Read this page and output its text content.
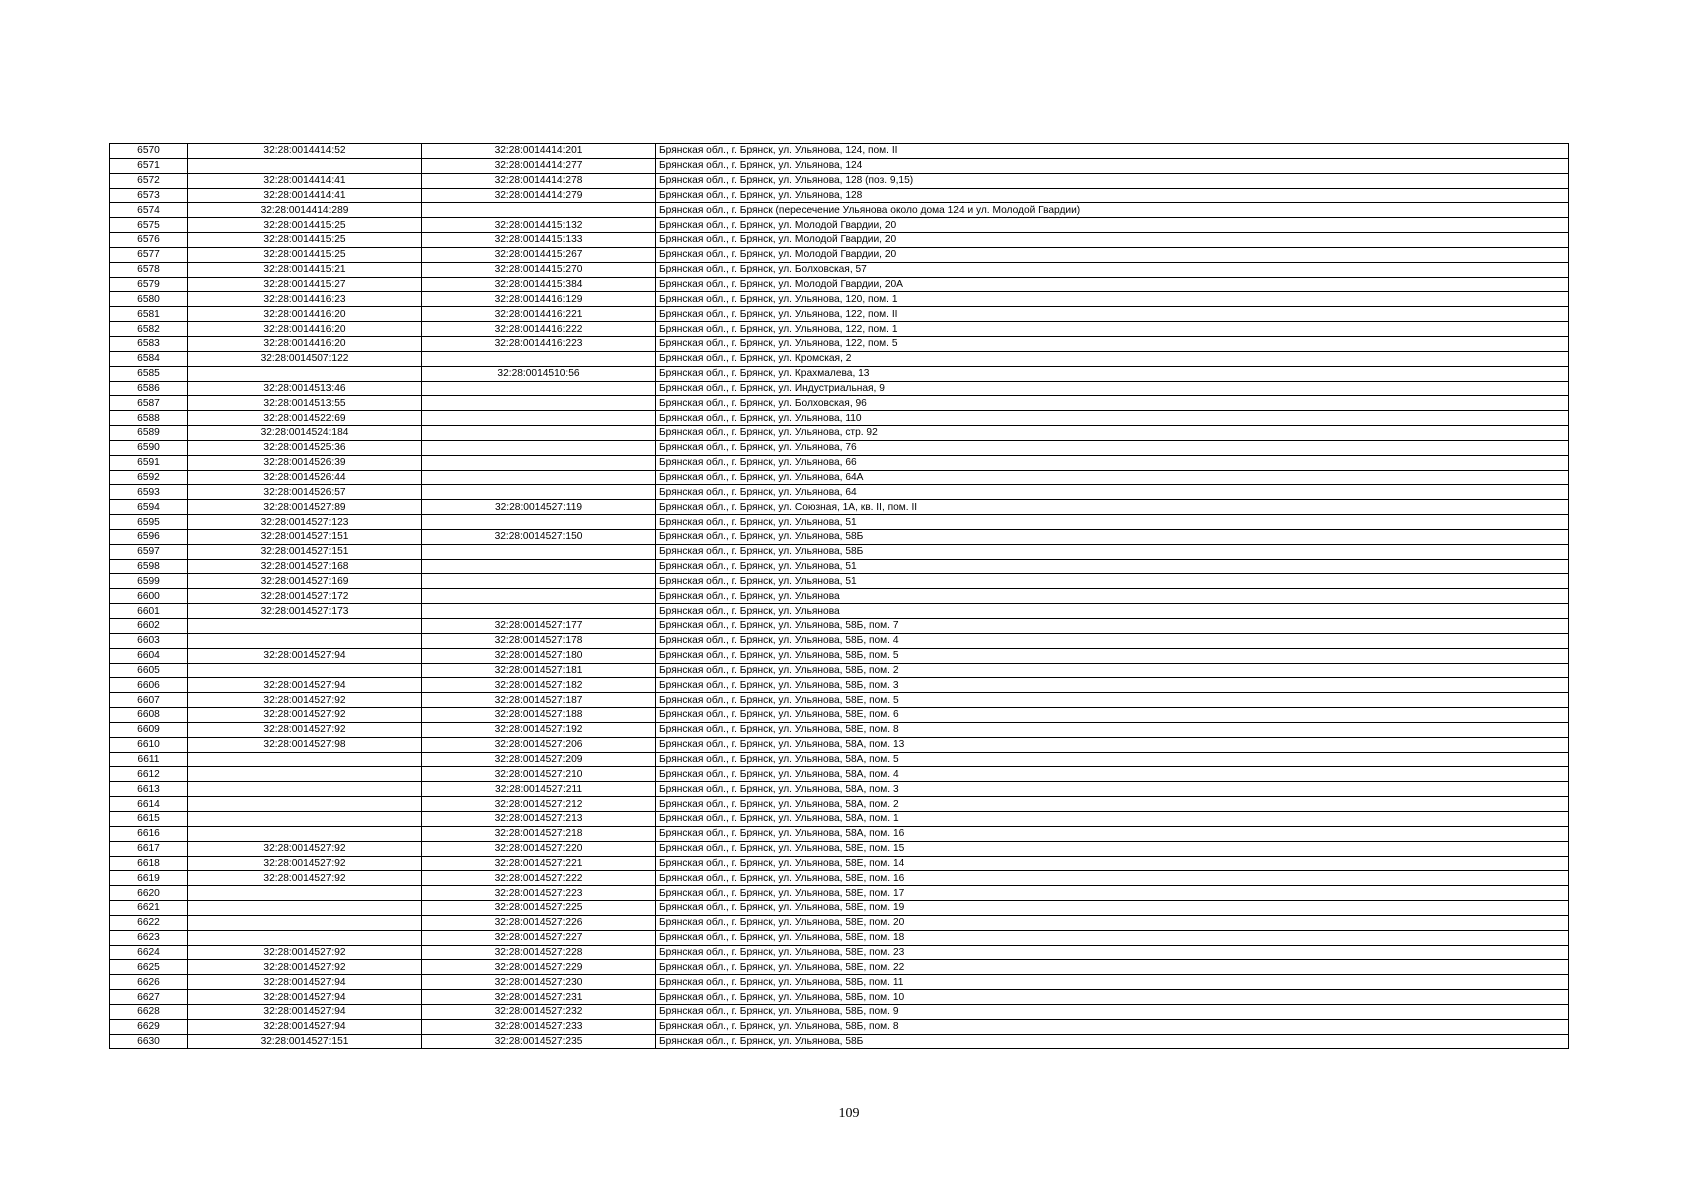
6570	32:28:0014414:52	32:28:0014414:201	Брянская обл., г. Брянск, ул. Ульянова, 124, пом. II
6571		32:28:0014414:277	Брянская обл., г. Брянск, ул. Ульянова, 124
6572	32:28:0014414:41	32:28:0014414:278	Брянская обл., г. Брянск, ул. Ульянова, 128 (поз. 9,15)
6573	32:28:0014414:41	32:28:0014414:279	Брянская обл., г. Брянск, ул. Ульянова, 128
6574	32:28:0014414:289		Брянская обл., г. Брянск (пересечение Ульянова около дома 124 и ул. Молодой Гвардии)
6575	32:28:0014415:25	32:28:0014415:132	Брянская обл., г. Брянск, ул. Молодой Гвардии, 20
6576	32:28:0014415:25	32:28:0014415:133	Брянская обл., г. Брянск, ул. Молодой Гвардии, 20
6577	32:28:0014415:25	32:28:0014415:267	Брянская обл., г. Брянск, ул. Молодой Гвардии, 20
6578	32:28:0014415:21	32:28:0014415:270	Брянская обл., г. Брянск, ул. Болховская, 57
6579	32:28:0014415:27	32:28:0014415:384	Брянская обл., г. Брянск, ул. Молодой Гвардии, 20А
6580	32:28:0014416:23	32:28:0014416:129	Брянская обл., г. Брянск, ул. Ульянова, 120, пом. 1
6581	32:28:0014416:20	32:28:0014416:221	Брянская обл., г. Брянск, ул. Ульянова, 122, пом. II
6582	32:28:0014416:20	32:28:0014416:222	Брянская обл., г. Брянск, ул. Ульянова, 122, пом. 1
6583	32:28:0014416:20	32:28:0014416:223	Брянская обл., г. Брянск, ул. Ульянова, 122, пом. 5
6584	32:28:0014507:122		Брянская обл., г. Брянск, ул. Кромская, 2
6585		32:28:0014510:56	Брянская обл., г. Брянск, ул. Крахмалева, 13
6586	32:28:0014513:46		Брянская обл., г. Брянск, ул. Индустриальная, 9
6587	32:28:0014513:55		Брянская обл., г. Брянск, ул. Болховская, 96
6588	32:28:0014522:69		Брянская обл., г. Брянск, ул. Ульянова, 110
6589	32:28:0014524:184		Брянская обл., г. Брянск, ул. Ульянова, стр. 92
6590	32:28:0014525:36		Брянская обл., г. Брянск, ул. Ульянова, 76
6591	32:28:0014526:39		Брянская обл., г. Брянск, ул. Ульянова, 66
6592	32:28:0014526:44		Брянская обл., г. Брянск, ул. Ульянова, 64А
6593	32:28:0014526:57		Брянская обл., г. Брянск, ул. Ульянова, 64
6594	32:28:0014527:89	32:28:0014527:119	Брянская обл., г. Брянск, ул. Союзная, 1А, кв. II, пом. II
6595	32:28:0014527:123		Брянская обл., г. Брянск, ул. Ульянова, 51
6596	32:28:0014527:151	32:28:0014527:150	Брянская обл., г. Брянск, ул. Ульянова, 58Б
6597	32:28:0014527:151		Брянская обл., г. Брянск, ул. Ульянова, 58Б
6598	32:28:0014527:168		Брянская обл., г. Брянск, ул. Ульянова, 51
6599	32:28:0014527:169		Брянская обл., г. Брянск, ул. Ульянова, 51
6600	32:28:0014527:172		Брянская обл., г. Брянск, ул. Ульянова
6601	32:28:0014527:173		Брянская обл., г. Брянск, ул. Ульянова
6602		32:28:0014527:177	Брянская обл., г. Брянск, ул. Ульянова, 58Б, пом. 7
6603		32:28:0014527:178	Брянская обл., г. Брянск, ул. Ульянова, 58Б, пом. 4
6604	32:28:0014527:94	32:28:0014527:180	Брянская обл., г. Брянск, ул. Ульянова, 58Б, пом. 5
6605		32:28:0014527:181	Брянская обл., г. Брянск, ул. Ульянова, 58Б, пом. 2
6606	32:28:0014527:94	32:28:0014527:182	Брянская обл., г. Брянск, ул. Ульянова, 58Б, пом. 3
6607	32:28:0014527:92	32:28:0014527:187	Брянская обл., г. Брянск, ул. Ульянова, 58Е, пом. 5
6608	32:28:0014527:92	32:28:0014527:188	Брянская обл., г. Брянск, ул. Ульянова, 58Е, пом. 6
6609	32:28:0014527:92	32:28:0014527:192	Брянская обл., г. Брянск, ул. Ульянова, 58Е, пом. 8
6610	32:28:0014527:98	32:28:0014527:206	Брянская обл., г. Брянск, ул. Ульянова, 58А, пом. 13
6611		32:28:0014527:209	Брянская обл., г. Брянск, ул. Ульянова, 58А, пом. 5
6612		32:28:0014527:210	Брянская обл., г. Брянск, ул. Ульянова, 58А, пом. 4
6613		32:28:0014527:211	Брянская обл., г. Брянск, ул. Ульянова, 58А, пом. 3
6614		32:28:0014527:212	Брянская обл., г. Брянск, ул. Ульянова, 58А, пом. 2
6615		32:28:0014527:213	Брянская обл., г. Брянск, ул. Ульянова, 58А, пом. 1
6616		32:28:0014527:218	Брянская обл., г. Брянск, ул. Ульянова, 58А, пом. 16
6617	32:28:0014527:92	32:28:0014527:220	Брянская обл., г. Брянск, ул. Ульянова, 58Е, пом. 15
6618	32:28:0014527:92	32:28:0014527:221	Брянская обл., г. Брянск, ул. Ульянова, 58Е, пом. 14
6619	32:28:0014527:92	32:28:0014527:222	Брянская обл., г. Брянск, ул. Ульянова, 58Е, пом. 16
6620		32:28:0014527:223	Брянская обл., г. Брянск, ул. Ульянова, 58Е, пом. 17
6621		32:28:0014527:225	Брянская обл., г. Брянск, ул. Ульянова, 58Е, пом. 19
6622		32:28:0014527:226	Брянская обл., г. Брянск, ул. Ульянова, 58Е, пом. 20
6623		32:28:0014527:227	Брянская обл., г. Брянск, ул. Ульянова, 58Е, пом. 18
6624	32:28:0014527:92	32:28:0014527:228	Брянская обл., г. Брянск, ул. Ульянова, 58Е, пом. 23
6625	32:28:0014527:92	32:28:0014527:229	Брянская обл., г. Брянск, ул. Ульянова, 58Е, пом. 22
6626	32:28:0014527:94	32:28:0014527:230	Брянская обл., г. Брянск, ул. Ульянова, 58Б, пом. 11
6627	32:28:0014527:94	32:28:0014527:231	Брянская обл., г. Брянск, ул. Ульянова, 58Б, пом. 10
6628	32:28:0014527:94	32:28:0014527:232	Брянская обл., г. Брянск, ул. Ульянова, 58Б, пом. 9
6629	32:28:0014527:94	32:28:0014527:233	Брянская обл., г. Брянск, ул. Ульянова, 58Б, пом. 8
6630	32:28:0014527:151	32:28:0014527:235	Брянская обл., г. Брянск, ул. Ульянова, 58Б
109
